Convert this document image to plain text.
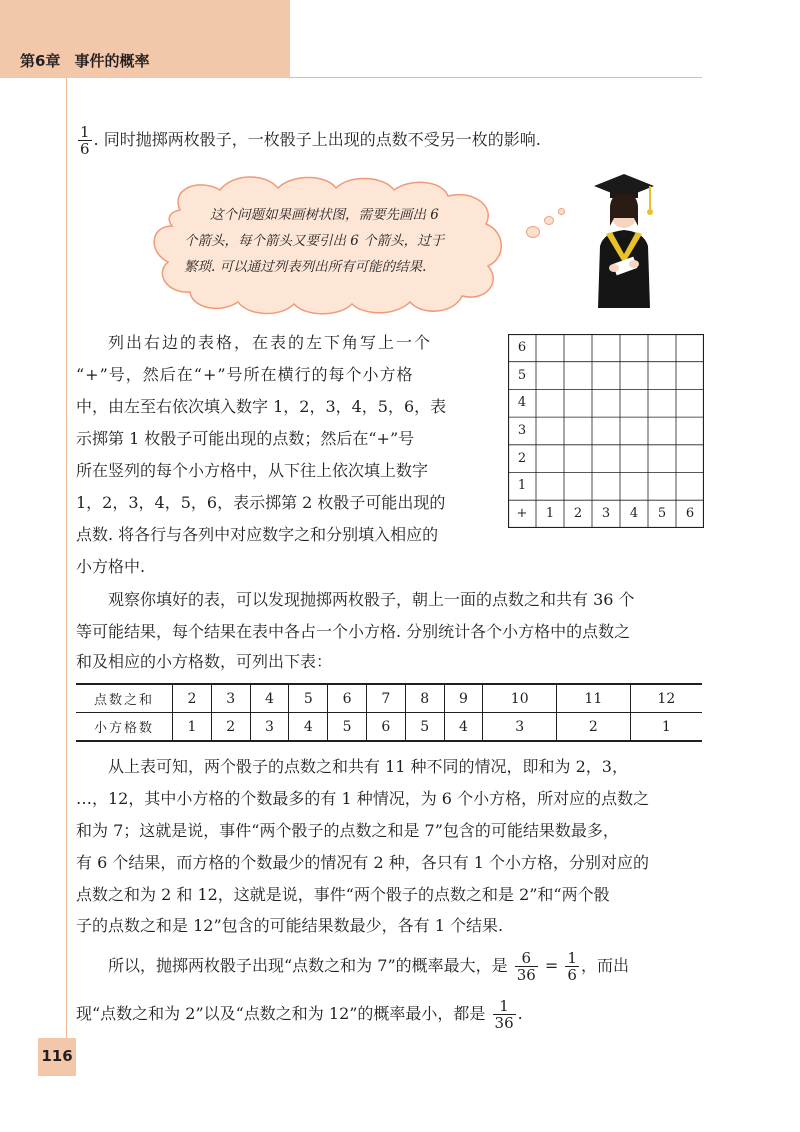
第6章 事件的概率
$\frac{1}{6}$ . 同时抛掷两枚骰子，一枚骰子上出现的点数不受另一枚的影响.
这个问题如果画树状图，需要先画出 6
个箭头，每个箭头又要引出 6 个箭头，过于
繁琐. 可以通过列表列出所有可能的结果.
列出右边的表格，在表的左下角写上一个
“+”号，然后在“+”号所在横行的每个小方格
中，由左至右依次填入数字 1，2，3，4，5，6，表
示掷第 1 枚骰子可能出现的点数；然后在“+”号
所在竖列的每个小方格中，从下往上依次填上数字
1，2，3，4，5，6，表示掷第 2 枚骰子可能出现的
点数. 将各行与各列中对应数字之和分别填入相应的
小方格中.
6
5
4
3
2
1
+	1	2	3	4	5	6
观察你填好的表，可以发现抛掷两枚骰子，朝上一面的点数之和共有 36 个
等可能结果，每个结果在表中各占一个小方格. 分别统计各个小方格中的点数之
和及相应的小方格数，可列出下表：
点数之和	2	3	4	5	6	7	8	9	10	11	12
小方格数	1	2	3	4	5	6	5	4	3	2	1
从上表可知，两个骰子的点数之和共有 11 种不同的情况，即和为 2，3，
…，12，其中小方格的个数最多的有 1 种情况，为 6 个小方格，所对应的点数之
和为 7；这就是说，事件“两个骰子的点数之和是 7”包含的可能结果数最多，
有 6 个结果，而方格的个数最少的情况有 2 种，各只有 1 个小方格，分别对应的
点数之和为 2 和 12，这就是说，事件“两个骰子的点数之和是 2”和“两个骰
子的点数之和是 12”包含的可能结果数最少，各有 1 个结果.
所以，抛掷两枚骰子出现“点数之和为 7”的概率最大，是 $\frac{6}{36} = \frac{1}{6}$ ，而出
现“点数之和为 2”以及“点数之和为 12”的概率最小，都是 $\frac{1}{36}$ .
116
